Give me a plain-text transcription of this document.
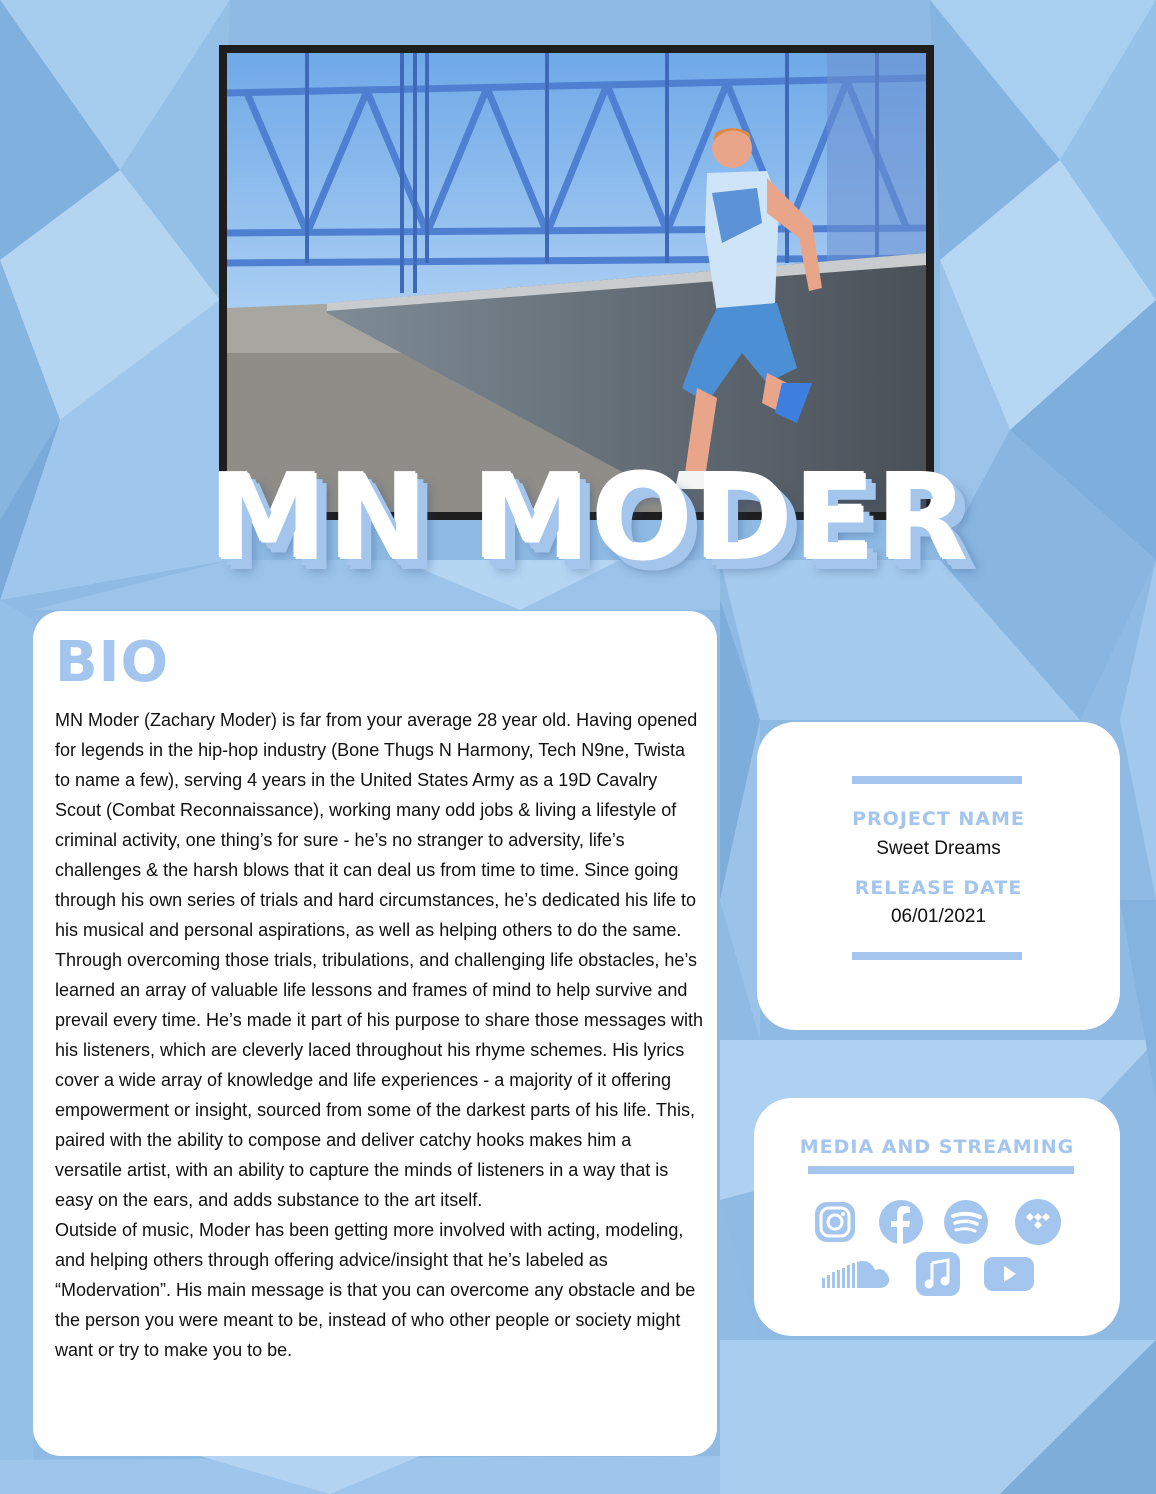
MN MODER
BIO

MN Moder (Zachary Moder) is far from your average 28 year old. Having opened for legends in the hip-hop industry (Bone Thugs N Harmony, Tech N9ne, Twista to name a few), serving 4 years in the United States Army as a 19D Cavalry Scout (Combat Reconnaissance), working many odd jobs & living a lifestyle of criminal activity, one thing’s for sure - he’s no stranger to adversity, life’s challenges & the harsh blows that it can deal us from time to time. Since going through his own series of trials and hard circumstances, he’s dedicated his life to his musical and personal aspirations, as well as helping others to do the same. Through overcoming those trials, tribulations, and challenging life obstacles, he’s learned an array of valuable life lessons and frames of mind to help survive and prevail every time. He’s made it part of his purpose to share those messages with his listeners, which are cleverly laced throughout his rhyme schemes. His lyrics cover a wide array of knowledge and life experiences - a majority of it offering empowerment or insight, sourced from some of the darkest parts of his life. This, paired with the ability to compose and deliver catchy hooks makes him a versatile artist, with an ability to capture the minds of listeners in a way that is easy on the ears, and adds substance to the art itself.

Outside of music, Moder has been getting more involved with acting, modeling, and helping others through offering advice/insight that he’s labeled as “Modervation”. His main message is that you can overcome any obstacle and be the person you were meant to be, instead of who other people or society might want or try to make you to be.

PROJECT NAME
Sweet Dreams
RELEASE DATE
06/01/2021
MEDIA AND STREAMING
